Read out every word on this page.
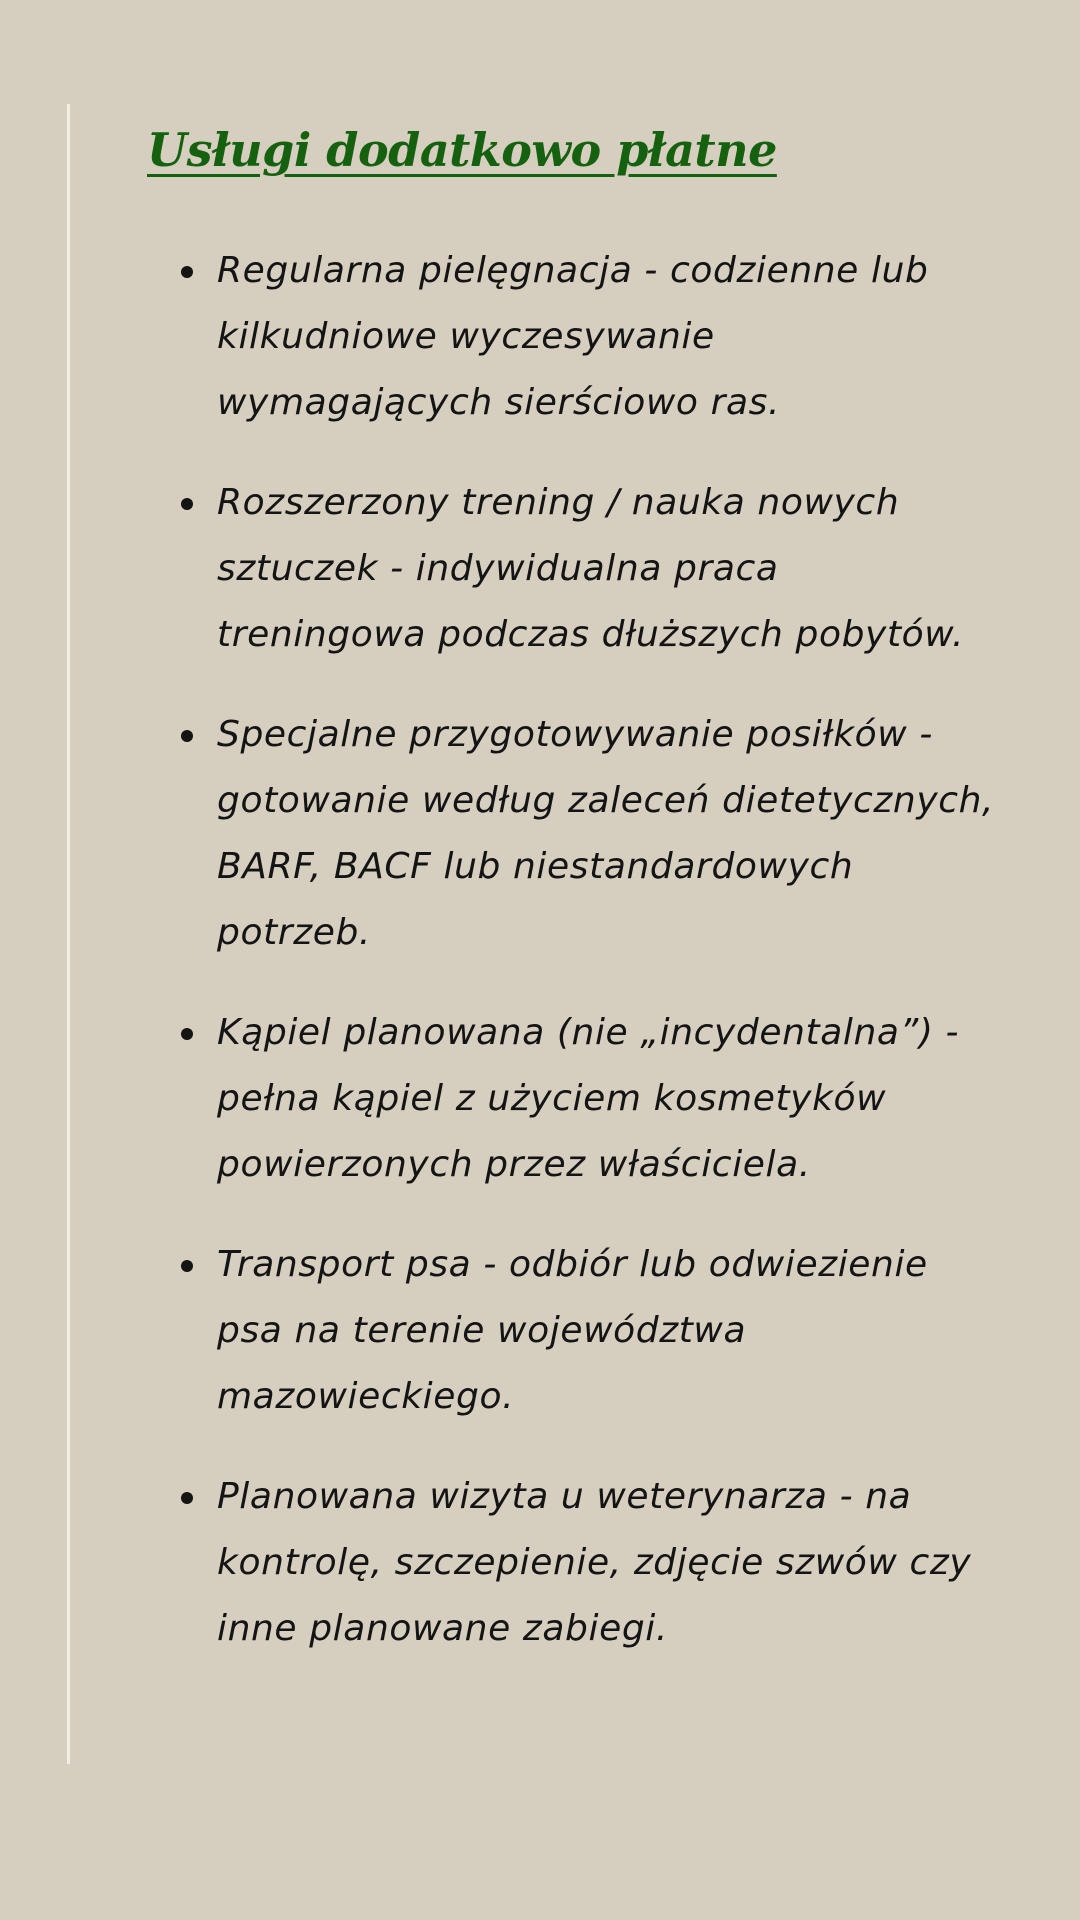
Usługi dodatkowo płatne
Regularna pielęgnacja - codzienne lub kilkudniowe wyczesywanie wymagających sierściowo ras.
Rozszerzony trening / nauka nowych sztuczek - indywidualna praca treningowa podczas dłuższych pobytów.
Specjalne przygotowywanie posiłków - gotowanie według zaleceń dietetycznych, BARF, BACF lub niestandardowych potrzeb.
Kąpiel planowana (nie „incydentalna”) -pełna kąpiel z użyciem kosmetyków powierzonych przez właściciela.
Transport psa - odbiór lub odwiezienie psa na terenie województwa mazowieckiego.
Planowana wizyta u weterynarza - na kontrolę, szczepienie, zdjęcie szwów czy inne planowane zabiegi.
